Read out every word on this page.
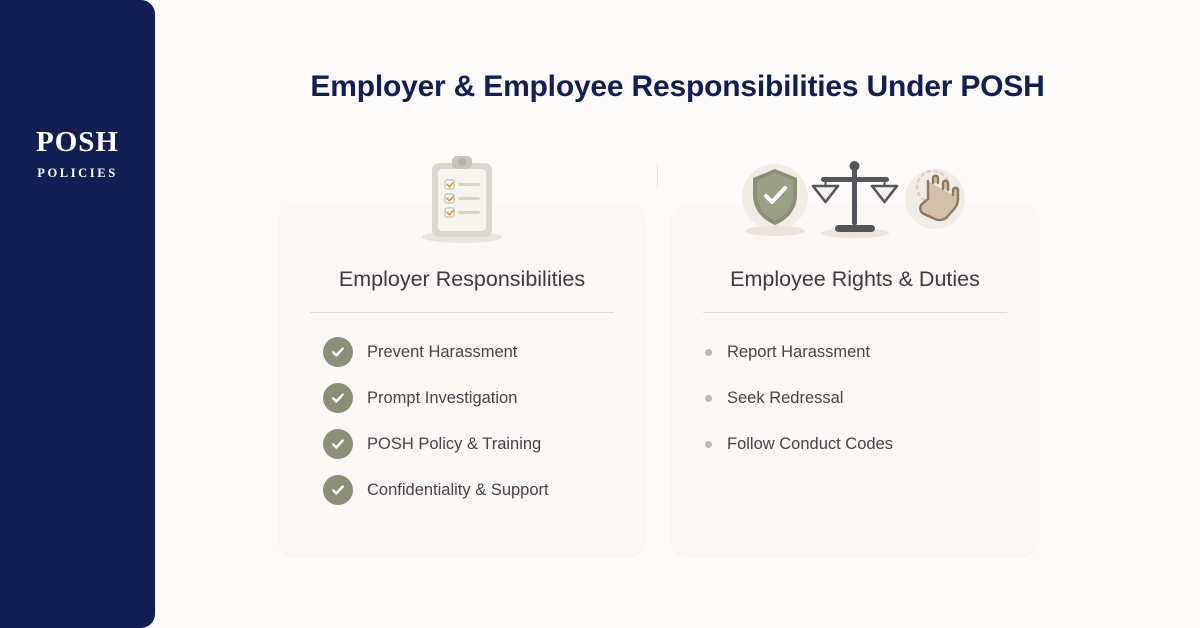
POSH
POLICIES
Employer & Employee Responsibilities Under POSH
Employer Responsibilities
Prevent Harassment
Prompt Investigation
POSH Policy & Training
Confidentiality & Support
Employee Rights & Duties
Report Harassment
Seek Redressal
Follow Conduct Codes
